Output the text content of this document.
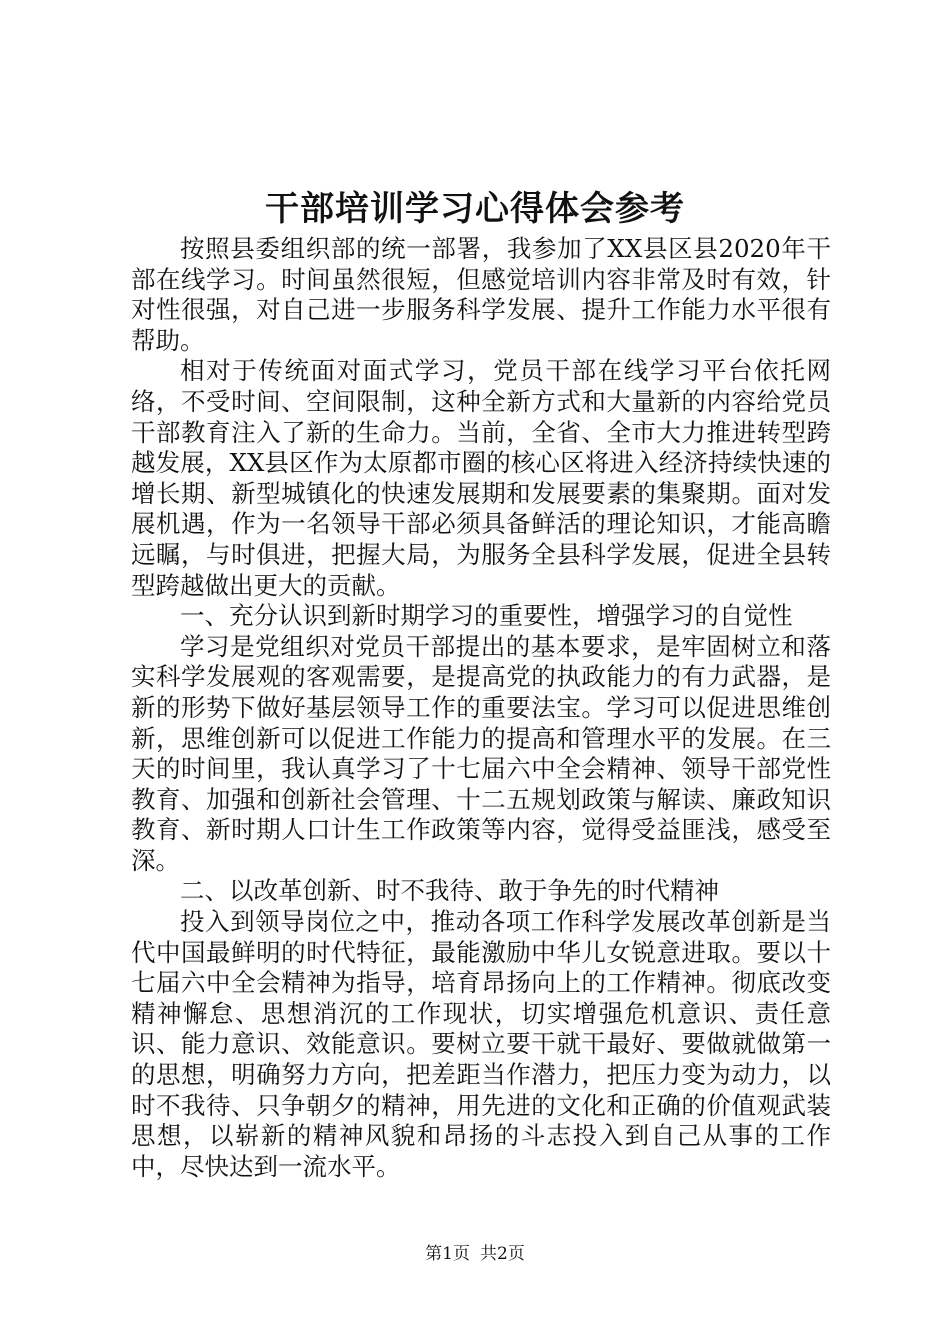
干部培训学习心得体会参考

按照县委组织部的统一部署，我参加了XX县区县2020年干部在线学习。时间虽然很短，但感觉培训内容非常及时有效，针对性很强，对自己进一步服务科学发展、提升工作能力水平很有帮助。

相对于传统面对面式学习，党员干部在线学习平台依托网络，不受时间、空间限制，这种全新方式和大量新的内容给党员干部教育注入了新的生命力。当前，全省、全市大力推进转型跨越发展，XX县区作为太原都市圈的核心区将进入经济持续快速的增长期、新型城镇化的快速发展期和发展要素的集聚期。面对发展机遇，作为一名领导干部必须具备鲜活的理论知识，才能高瞻远瞩，与时俱进，把握大局，为服务全县科学发展，促进全县转型跨越做出更大的贡献。

一、充分认识到新时期学习的重要性，增强学习的自觉性

学习是党组织对党员干部提出的基本要求，是牢固树立和落实科学发展观的客观需要，是提高党的执政能力的有力武器，是新的形势下做好基层领导工作的重要法宝。学习可以促进思维创新，思维创新可以促进工作能力的提高和管理水平的发展。在三天的时间里，我认真学习了十七届六中全会精神、领导干部党性教育、加强和创新社会管理、十二五规划政策与解读、廉政知识教育、新时期人口计生工作政策等内容，觉得受益匪浅，感受至深。

二、以改革创新、时不我待、敢于争先的时代精神

投入到领导岗位之中，推动各项工作科学发展改革创新是当代中国最鲜明的时代特征，最能激励中华儿女锐意进取。要以十七届六中全会精神为指导，培育昂扬向上的工作精神。彻底改变精神懈怠、思想消沉的工作现状，切实增强危机意识、责任意识、能力意识、效能意识。要树立要干就干最好、要做就做第一的思想，明确努力方向，把差距当作潜力，把压力变为动力，以时不我待、只争朝夕的精神，用先进的文化和正确的价值观武装思想，以崭新的精神风貌和昂扬的斗志投入到自己从事的工作中，尽快达到一流水平。

第1页 共2页
